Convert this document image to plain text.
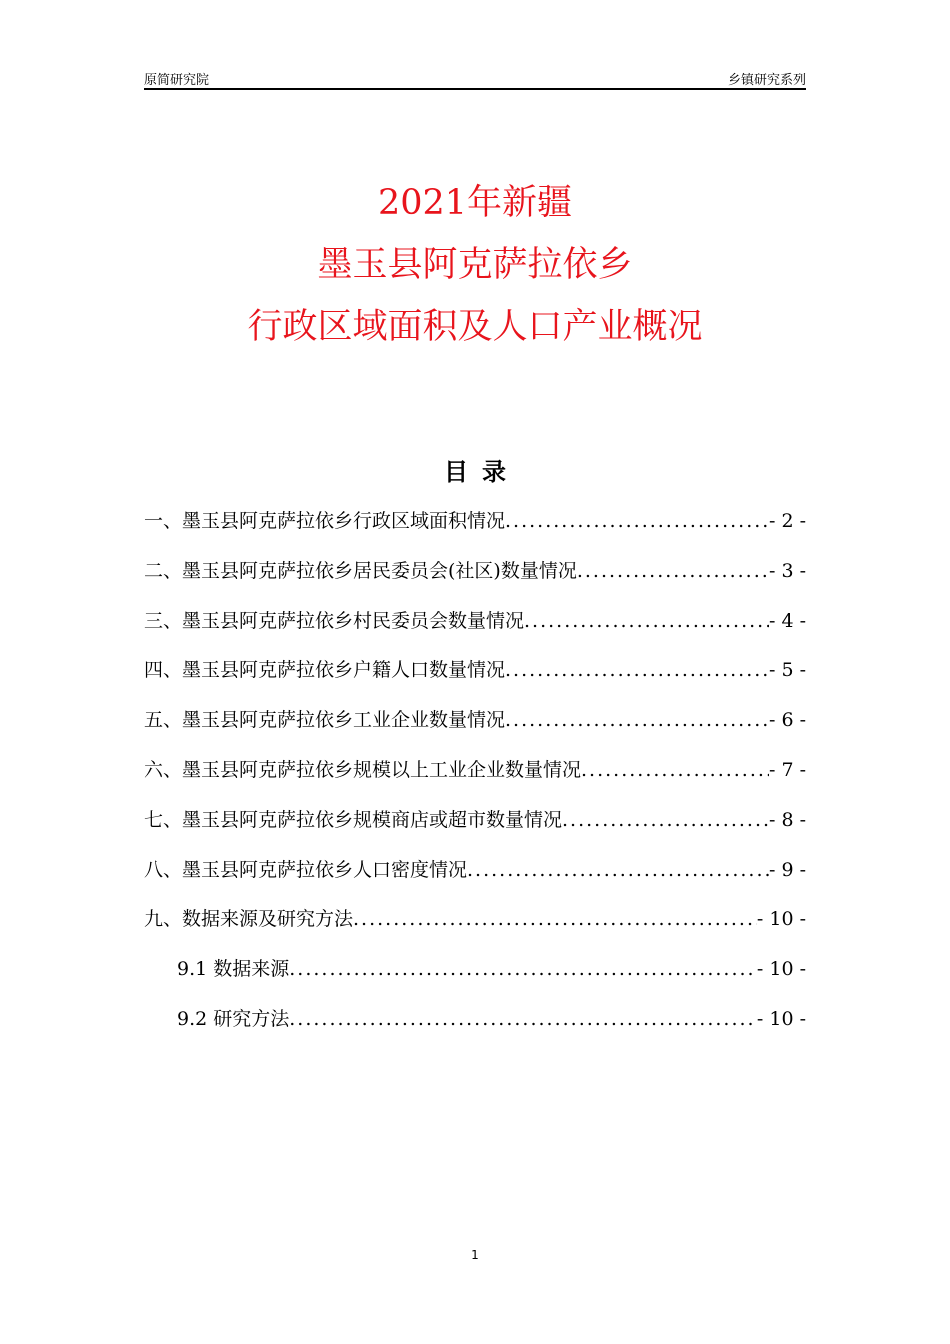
原简研究院	乡镇研究系列
2021年新疆
墨玉县阿克萨拉依乡
行政区域面积及人口产业概况
目录
一、墨玉县阿克萨拉依乡行政区域面积情况 .....	- 2 -
二、墨玉县阿克萨拉依乡居民委员会(社区)数量情况 .....	- 3 -
三、墨玉县阿克萨拉依乡村民委员会数量情况 .....	- 4 -
四、墨玉县阿克萨拉依乡户籍人口数量情况 .....	- 5 -
五、墨玉县阿克萨拉依乡工业企业数量情况 .....	- 6 -
六、墨玉县阿克萨拉依乡规模以上工业企业数量情况 .....	- 7 -
七、墨玉县阿克萨拉依乡规模商店或超市数量情况 .....	- 8 -
八、墨玉县阿克萨拉依乡人口密度情况 .....	- 9 -
九、数据来源及研究方法 .....	- 10 -
9.1 数据来源 .....	- 10 -
9.2 研究方法 .....	- 10 -
1
